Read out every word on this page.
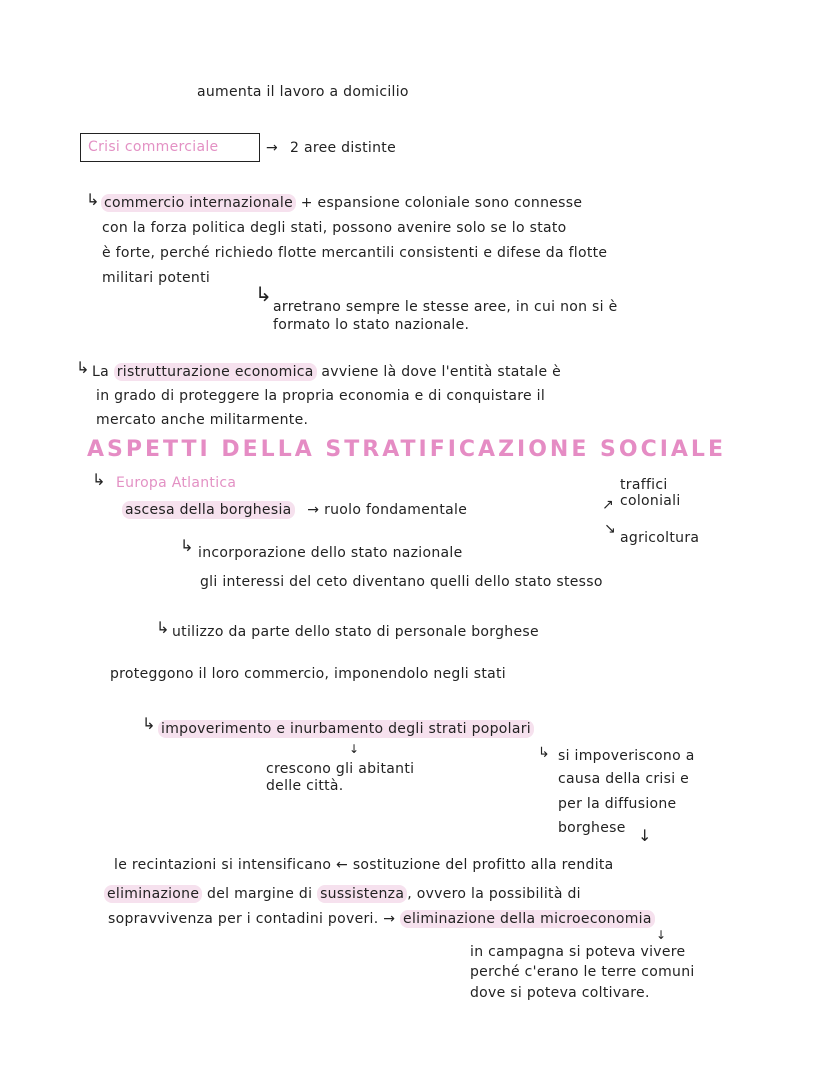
aumenta il lavoro a domicilio
Crisi commerciale	→ 2 aree distinte
↳ commercio internazionale + espansione coloniale sono connesse
con la forza politica degli stati, possono avenire solo se lo stato
è forte, perché richiedo flotte mercantili consistenti e difese da flotte
militari potenti
↳
arretrano sempre le stesse aree, in cui non si è
formato lo stato nazionale.
↳ La ristrutturazione economica avviene là dove l'entità statale è
in grado di proteggere la propria economia e di conquistare il
mercato anche militarmente.
ASPETTI DELLA STRATIFICAZIONE SOCIALE
↳ Europa Atlantica	traffici
↗ coloniali
ascesa della borghesia → ruolo fondamentale
↘
agricoltura
↳ incorporazione dello stato nazionale
gli interessi del ceto diventano quelli dello stato stesso
↳ utilizzo da parte dello stato di personale borghese
proteggono il loro commercio, imponendolo negli stati
↳ impoverimento e inurbamento degli strati popolari
↓
crescono gli abitanti
delle città.
↳ si impoveriscono a
causa della crisi e
per la diffusione
borghese ↓
le recintazioni si intensificano ← sostituzione del profitto alla rendita
eliminazione del margine di sussistenza , ovvero la possibilità di
sopravvivenza per i contadini poveri. → eliminazione della microeconomia
↓
in campagna si poteva vivere
perché c'erano le terre comuni
dove si poteva coltivare.
